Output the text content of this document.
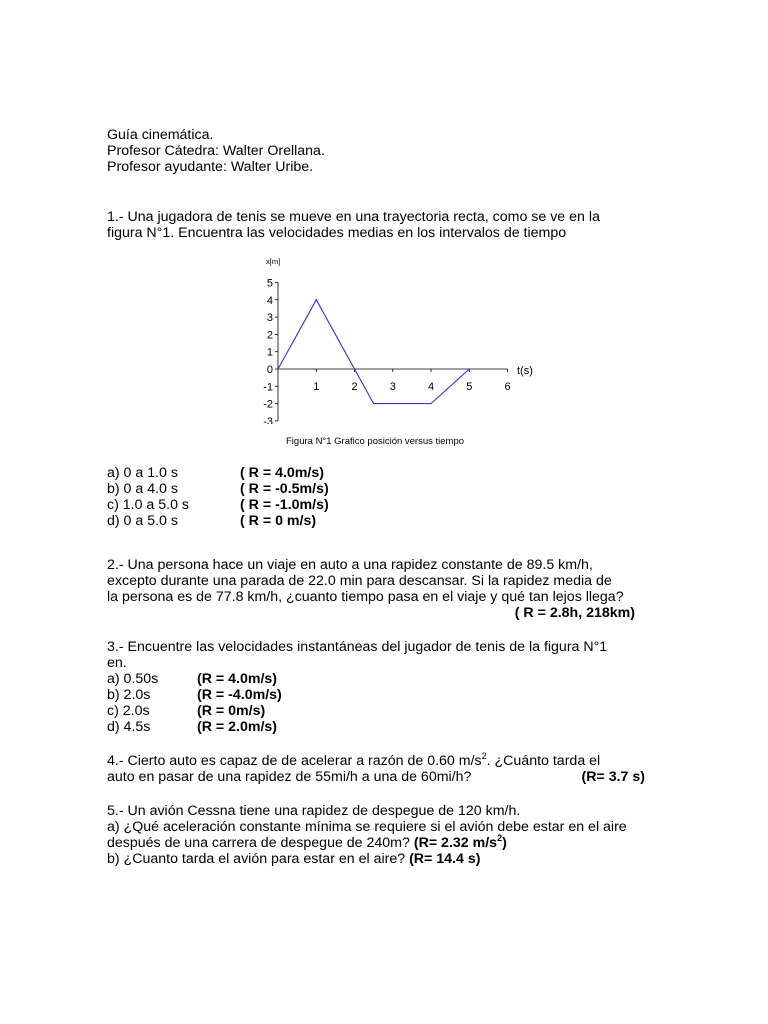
Guía cinemática.
Profesor Cátedra: Walter Orellana.
Profesor ayudante: Walter Uribe.
1.- Una jugadora de tenis se mueve en una trayectoria recta, como se ve en la
figura N°1. Encuentra las velocidades medias en los intervalos de tiempo
x[m]
t(s)
5
4
3
2
1
0
-1
-2
-3
1	2	3	4	5	6
Figura N°1 Grafico posición versus tiempo
a) 0 a 1.0 s	( R = 4.0m/s)
b) 0 a 4.0 s	( R = -0.5m/s)
c) 1.0 a 5.0 s	( R = -1.0m/s)
d) 0 a 5.0 s	( R = 0 m/s)
2.- Una persona hace un viaje en auto a una rapidez constante de 89.5 km/h,
excepto durante una parada de 22.0 min para descansar. Si la rapidez media de
la persona es de 77.8 km/h, ¿cuanto tiempo pasa en el viaje y qué tan lejos llega?
( R = 2.8h, 218km)
3.- Encuentre las velocidades instantáneas del jugador de tenis de la figura N°1
en.
a) 0.50s	(R = 4.0m/s)
b) 2.0s	(R = -4.0m/s)
c) 2.0s	(R = 0m/s)
d) 4.5s	(R = 2.0m/s)
4.- Cierto auto es capaz de de acelerar a razón de 0.60 $m/s^2$. ¿Cuánto tarda el
auto en pasar de una rapidez de 55mi/h a una de 60mi/h?	(R= 3.7 s)
5.- Un avión Cessna tiene una rapidez de despegue de 120 km/h.
a) ¿Qué aceleración constante mínima se requiere si el avión debe estar en el aire
después de una carrera de despegue de 240m? (R= 2.32 $m/s^2$)
b) ¿Cuanto tarda el avión para estar en el aire? (R= 14.4 s)
